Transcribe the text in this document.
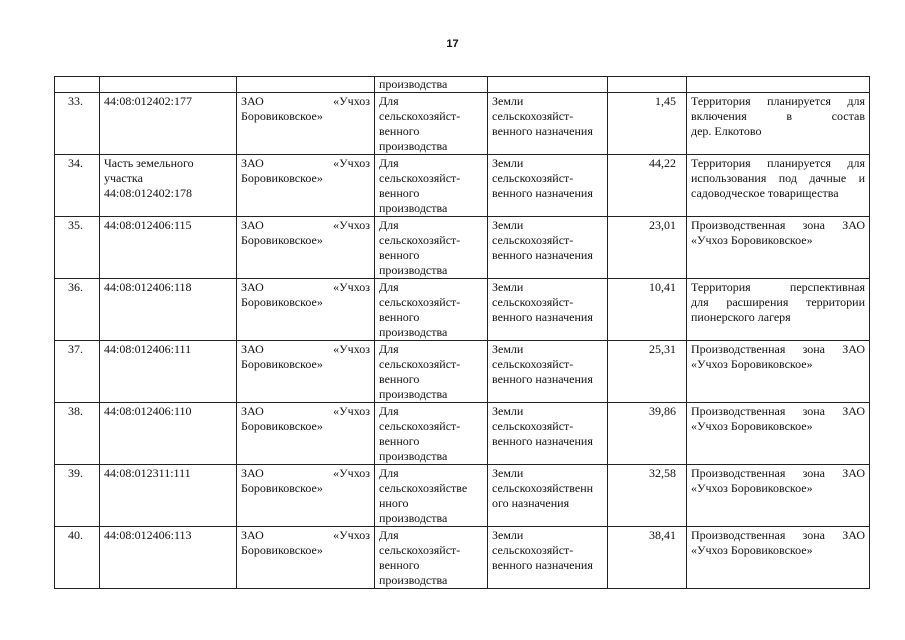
17
			производства			
33.	44:08:012402:177	ЗАО «Учхоз
Боровиковское»	Для
сельскохозяйст-
венного
производства	Земли
сельскохозяйст-
венного назначения	1,45	Территория планируется для
включения в состав
дер. Елкотово

34.	Часть земельного
участка
44:08:012402:178	ЗАО «Учхоз
Боровиковское»	Для
сельскохозяйст-
венного
производства	Земли
сельскохозяйст-
венного назначения	44,22	Территория планируется для
использования под дачные и
садоводческое товарищества

35.	44:08:012406:115	ЗАО «Учхоз
Боровиковское»	Для
сельскохозяйст-
венного
производства	Земли
сельскохозяйст-
венного назначения	23,01	Производственная зона ЗАО
«Учхоз Боровиковское»

36.	44:08:012406:118	ЗАО «Учхоз
Боровиковское»	Для
сельскохозяйст-
венного
производства	Земли
сельскохозяйст-
венного назначения	10,41	Территория перспективная
для расширения территории
пионерского лагеря

37.	44:08:012406:111	ЗАО «Учхоз
Боровиковское»	Для
сельскохозяйст-
венного
производства	Земли
сельскохозяйст-
венного назначения	25,31	Производственная зона ЗАО
«Учхоз Боровиковское»

38.	44:08:012406:110	ЗАО «Учхоз
Боровиковское»	Для
сельскохозяйст-
венного
производства	Земли
сельскохозяйст-
венного назначения	39,86	Производственная зона ЗАО
«Учхоз Боровиковское»

39.	44:08:012311:111	ЗАО «Учхоз
Боровиковское»	Для
сельскохозяйстве
нного
производства	Земли
сельскохозяйственн
ого назначения	32,58	Производственная зона ЗАО
«Учхоз Боровиковское»

40.	44:08:012406:113	ЗАО «Учхоз
Боровиковское»	Для
сельскохозяйст-
венного
производства	Земли
сельскохозяйст-
венного назначения	38,41	Производственная зона ЗАО
«Учхоз Боровиковское»
